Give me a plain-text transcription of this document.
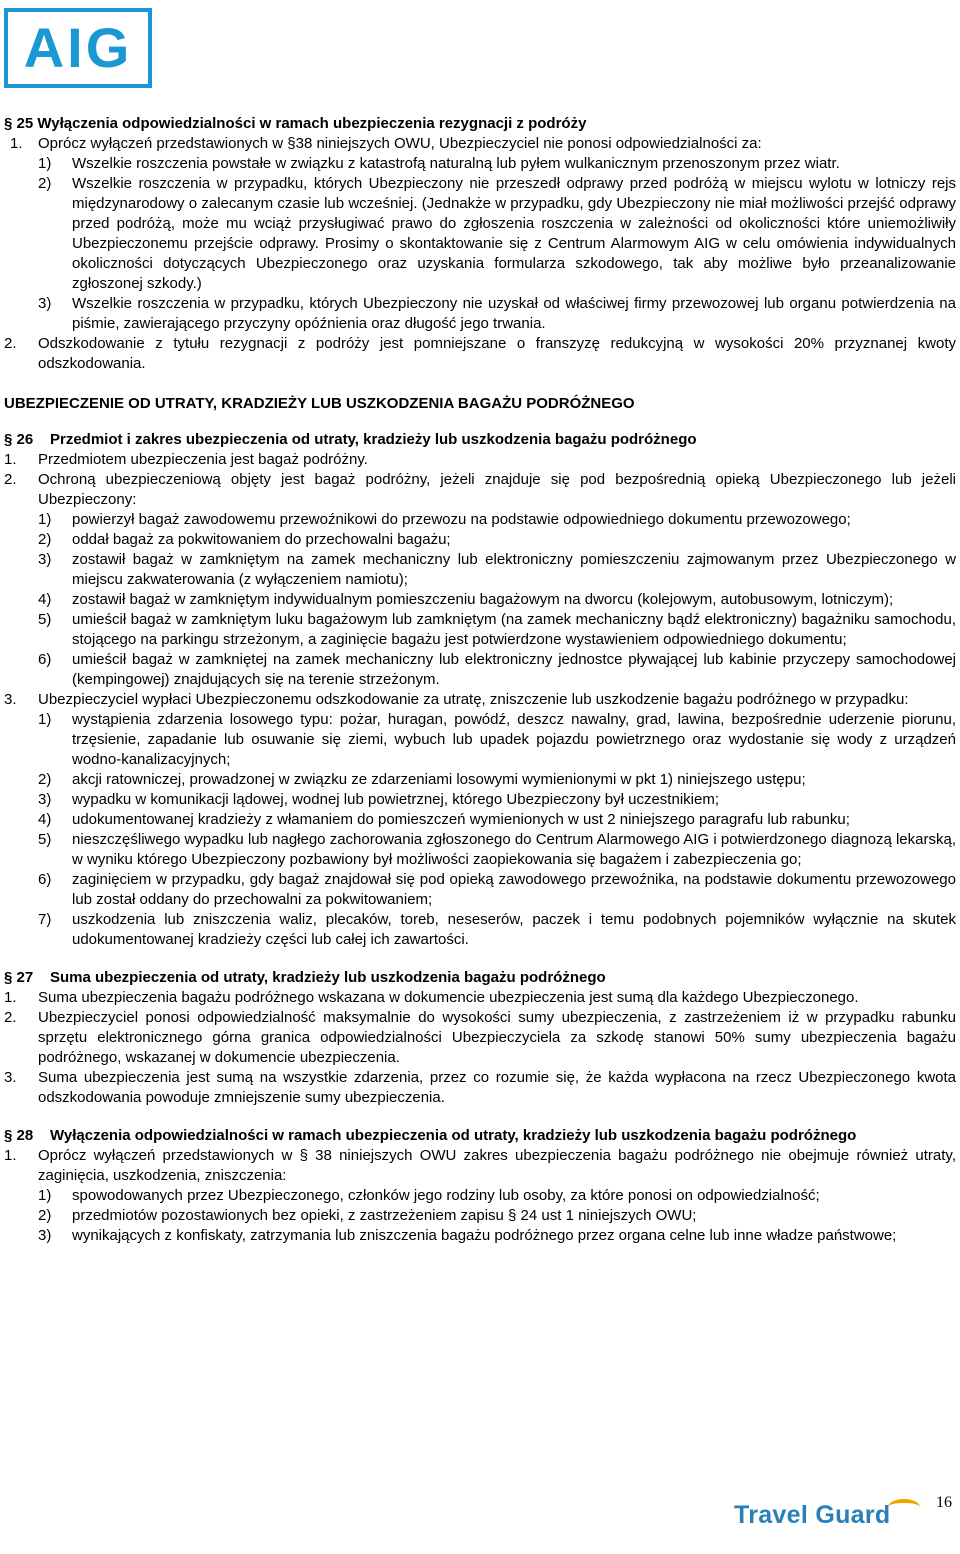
AIG
§ 25 Wyłączenia odpowiedzialności w ramach ubezpieczenia rezygnacji z podróży
1.	Oprócz wyłączeń przedstawionych w §38 niniejszych OWU, Ubezpieczyciel nie ponosi odpowiedzialności za:
1)	Wszelkie roszczenia powstałe w związku z katastrofą naturalną lub pyłem wulkanicznym przenoszonym przez wiatr.
2)	Wszelkie roszczenia w przypadku, których Ubezpieczony nie przeszedł odprawy przed podróżą w miejscu wylotu w lotniczy rejs międzynarodowy o zalecanym czasie lub wcześniej. (Jednakże w przypadku, gdy Ubezpieczony nie miał możliwości przejść odprawy przed podróżą, może mu wciąż przysługiwać prawo do zgłoszenia roszczenia w zależności od okoliczności które uniemożliwiły Ubezpieczonemu przejście odprawy. Prosimy o skontaktowanie się z Centrum Alarmowym AIG w celu omówienia indywidualnych okoliczności dotyczących Ubezpieczonego oraz uzyskania formularza szkodowego, tak aby możliwe było przeanalizowanie zgłoszonej szkody.)
3)	Wszelkie roszczenia w przypadku, których Ubezpieczony nie uzyskał od właściwej firmy przewozowej lub organu potwierdzenia na piśmie, zawierającego przyczyny opóźnienia oraz długość jego trwania.
2.	Odszkodowanie z tytułu rezygnacji z podróży jest pomniejszane o franszyzę redukcyjną w wysokości 20% przyznanej kwoty odszkodowania.
UBEZPIECZENIE OD UTRATY, KRADZIEŻY LUB USZKODZENIA BAGAŻU PODRÓŻNEGO
§ 26	Przedmiot i zakres ubezpieczenia od utraty, kradzieży lub uszkodzenia bagażu podróżnego
1.	Przedmiotem ubezpieczenia jest bagaż podróżny.
2.	Ochroną ubezpieczeniową objęty jest bagaż podróżny, jeżeli znajduje się pod bezpośrednią opieką Ubezpieczonego lub jeżeli Ubezpieczony:
1)	powierzył bagaż zawodowemu przewoźnikowi do przewozu na podstawie odpowiedniego dokumentu przewozowego;
2)	oddał bagaż za pokwitowaniem do przechowalni bagażu;
3)	zostawił bagaż w zamkniętym na zamek mechaniczny lub elektroniczny pomieszczeniu zajmowanym przez Ubezpieczonego w miejscu zakwaterowania (z wyłączeniem namiotu);
4)	zostawił bagaż w zamkniętym indywidualnym pomieszczeniu bagażowym na dworcu (kolejowym, autobusowym, lotniczym);
5)	umieścił bagaż w zamkniętym luku bagażowym lub zamkniętym (na zamek mechaniczny bądź elektroniczny) bagażniku samochodu, stojącego na parkingu strzeżonym, a zaginięcie bagażu jest potwierdzone wystawieniem odpowiedniego dokumentu;
6)	umieścił bagaż w zamkniętej na zamek mechaniczny lub elektroniczny jednostce pływającej lub kabinie przyczepy samochodowej (kempingowej) znajdujących się na terenie strzeżonym.
3.	Ubezpieczyciel wypłaci Ubezpieczonemu odszkodowanie za utratę, zniszczenie lub uszkodzenie bagażu podróżnego w przypadku:
1)	wystąpienia zdarzenia losowego typu: pożar, huragan, powódź, deszcz nawalny, grad, lawina, bezpośrednie uderzenie piorunu, trzęsienie, zapadanie lub osuwanie się ziemi, wybuch lub upadek pojazdu powietrznego oraz wydostanie się wody z urządzeń wodno-kanalizacyjnych;
2)	akcji ratowniczej, prowadzonej w związku ze zdarzeniami losowymi wymienionymi w pkt 1) niniejszego ustępu;
3)	wypadku w komunikacji lądowej, wodnej lub powietrznej, którego Ubezpieczony był uczestnikiem;
4)	udokumentowanej kradzieży z włamaniem do pomieszczeń wymienionych w ust 2 niniejszego paragrafu lub rabunku;
5)	nieszczęśliwego wypadku lub nagłego zachorowania zgłoszonego do Centrum Alarmowego AIG i potwierdzonego diagnozą lekarską, w wyniku którego Ubezpieczony pozbawiony był możliwości zaopiekowania się bagażem i zabezpieczenia go;
6)	zaginięciem w przypadku, gdy bagaż znajdował się pod opieką zawodowego przewoźnika, na podstawie dokumentu przewozowego lub został oddany do przechowalni za pokwitowaniem;
7)	uszkodzenia lub zniszczenia waliz, plecaków, toreb, neseserów, paczek i temu podobnych pojemników wyłącznie na skutek udokumentowanej kradzieży części lub całej ich zawartości.
§ 27	Suma ubezpieczenia od utraty, kradzieży lub uszkodzenia bagażu podróżnego
1.	Suma ubezpieczenia bagażu podróżnego wskazana w dokumencie ubezpieczenia jest sumą dla każdego Ubezpieczonego.
2.	Ubezpieczyciel ponosi odpowiedzialność maksymalnie do wysokości sumy ubezpieczenia, z zastrzeżeniem iż w przypadku rabunku sprzętu elektronicznego górna granica odpowiedzialności Ubezpieczyciela za szkodę stanowi 50% sumy ubezpieczenia bagażu podróżnego, wskazanej w dokumencie ubezpieczenia.
3.	Suma ubezpieczenia jest sumą na wszystkie zdarzenia, przez co rozumie się, że każda wypłacona na rzecz Ubezpieczonego kwota odszkodowania powoduje zmniejszenie sumy ubezpieczenia.
§ 28 Wyłączenia odpowiedzialności w ramach ubezpieczenia od utraty, kradzieży lub uszkodzenia bagażu podróżnego
1.	Oprócz wyłączeń przedstawionych w § 38 niniejszych OWU zakres ubezpieczenia bagażu podróżnego nie obejmuje również utraty, zaginięcia, uszkodzenia, zniszczenia:
1)	spowodowanych przez Ubezpieczonego, członków jego rodziny lub osoby, za które ponosi on odpowiedzialność;
2)	przedmiotów pozostawionych bez opieki, z zastrzeżeniem zapisu § 24 ust 1 niniejszych OWU;
3)	wynikających z konfiskaty, zatrzymania lub zniszczenia bagażu podróżnego przez organa celne lub inne władze państwowe;
16
Travel Guard
